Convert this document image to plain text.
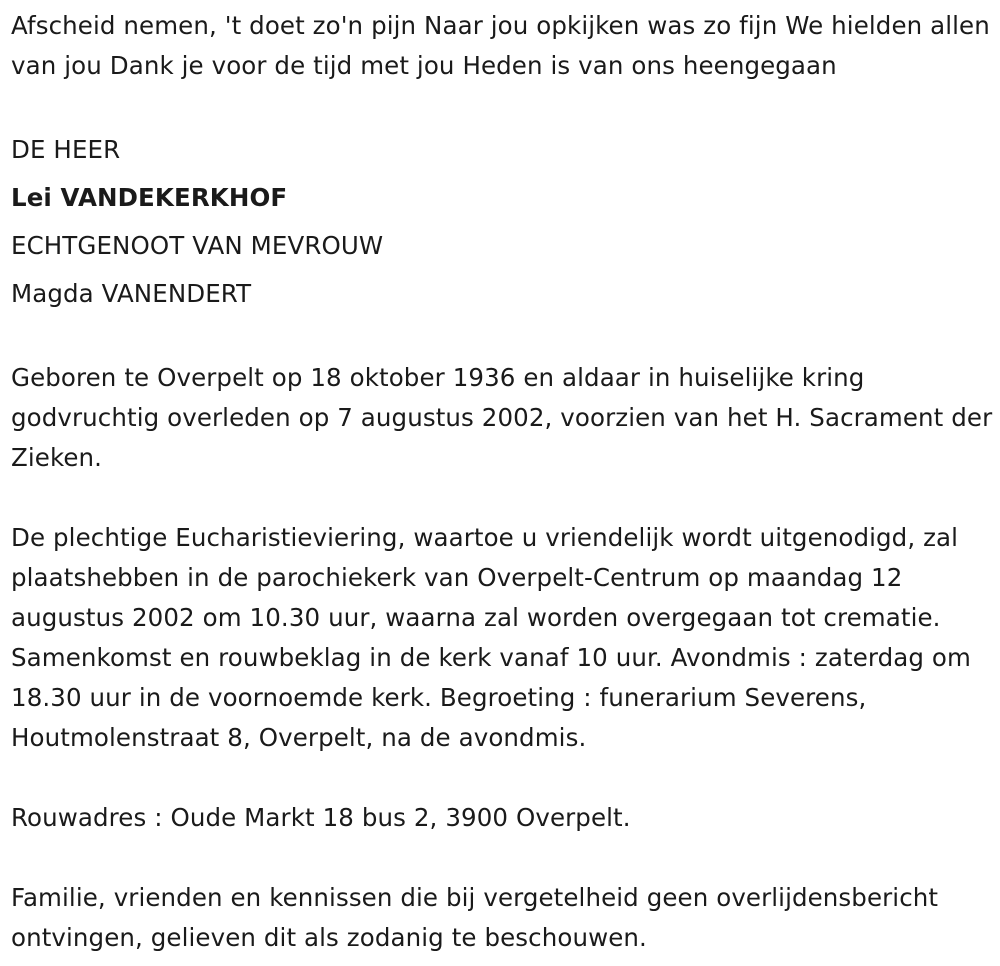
Afscheid nemen, 't doet zo'n pijn Naar jou opkijken was zo fijn We hielden allen van jou Dank je voor de tijd met jou Heden is van ons heengegaan

DE HEER

Lei VANDEKERKHOF

ECHTGENOOT VAN MEVROUW

Magda VANENDERT

Geboren te Overpelt op 18 oktober 1936 en aldaar in huiselijke kring godvruchtig overleden op 7 augustus 2002, voorzien van het H. Sacrament der Zieken.

De plechtige Eucharistieviering, waartoe u vriendelijk wordt uitgenodigd, zal plaatshebben in de parochiekerk van Overpelt-Centrum op maandag 12 augustus 2002 om 10.30 uur, waarna zal worden overgegaan tot crematie. Samenkomst en rouwbeklag in de kerk vanaf 10 uur. Avondmis : zaterdag om 18.30 uur in de voornoemde kerk. Begroeting : funerarium Severens, Houtmolenstraat 8, Overpelt, na de avondmis.

Rouwadres : Oude Markt 18 bus 2, 3900 Overpelt.

Familie, vrienden en kennissen die bij vergetelheid geen overlijdensbericht ontvingen, gelieven dit als zodanig te beschouwen.
